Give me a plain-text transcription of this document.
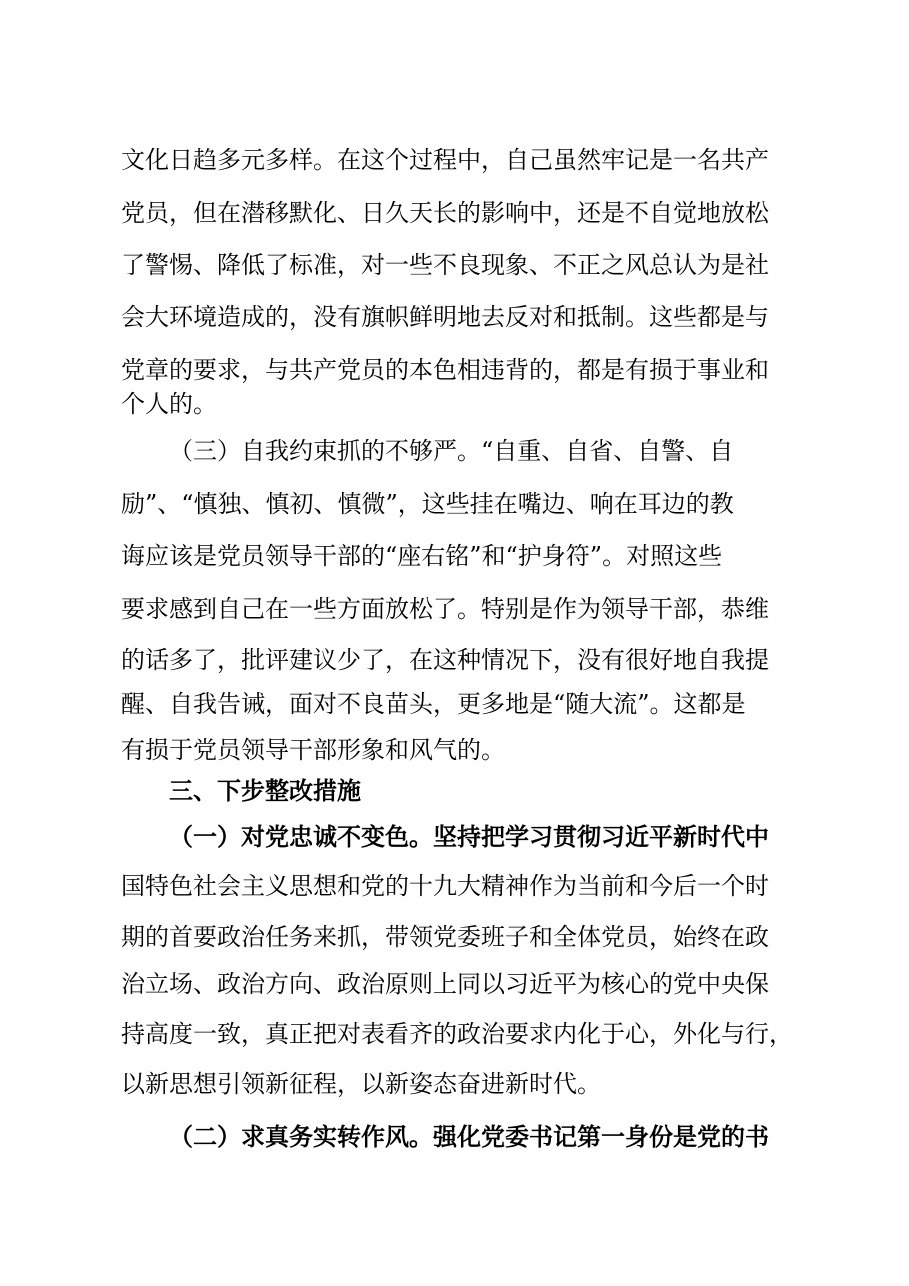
文化日趋多元多样。在这个过程中，自己虽然牢记是一名共产
党员，但在潜移默化、日久天长的影响中，还是不自觉地放松
了警惕、降低了标准，对一些不良现象、不正之风总认为是社
会大环境造成的，没有旗帜鲜明地去反对和抵制。这些都是与
党章的要求，与共产党员的本色相违背的，都是有损于事业和
个人的。
（三）自我约束抓的不够严。“自重、自省、自警、自
励”、“慎独、慎初、慎微”，这些挂在嘴边、响在耳边的教
诲应该是党员领导干部的“座右铭”和“护身符”。对照这些
要求感到自己在一些方面放松了。特别是作为领导干部，恭维
的话多了，批评建议少了，在这种情况下，没有很好地自我提
醒、自我告诫，面对不良苗头，更多地是“随大流”。这都是
有损于党员领导干部形象和风气的。
三、下步整改措施
（一）对党忠诚不变色。坚持把学习贯彻习近平新时代中
国特色社会主义思想和党的十九大精神作为当前和今后一个时
期的首要政治任务来抓，带领党委班子和全体党员，始终在政
治立场、政治方向、政治原则上同以习近平为核心的党中央保
持高度一致，真正把对表看齐的政治要求内化于心，外化与行，
以新思想引领新征程，以新姿态奋进新时代。
（二）求真务实转作风。强化党委书记第一身份是党的书
